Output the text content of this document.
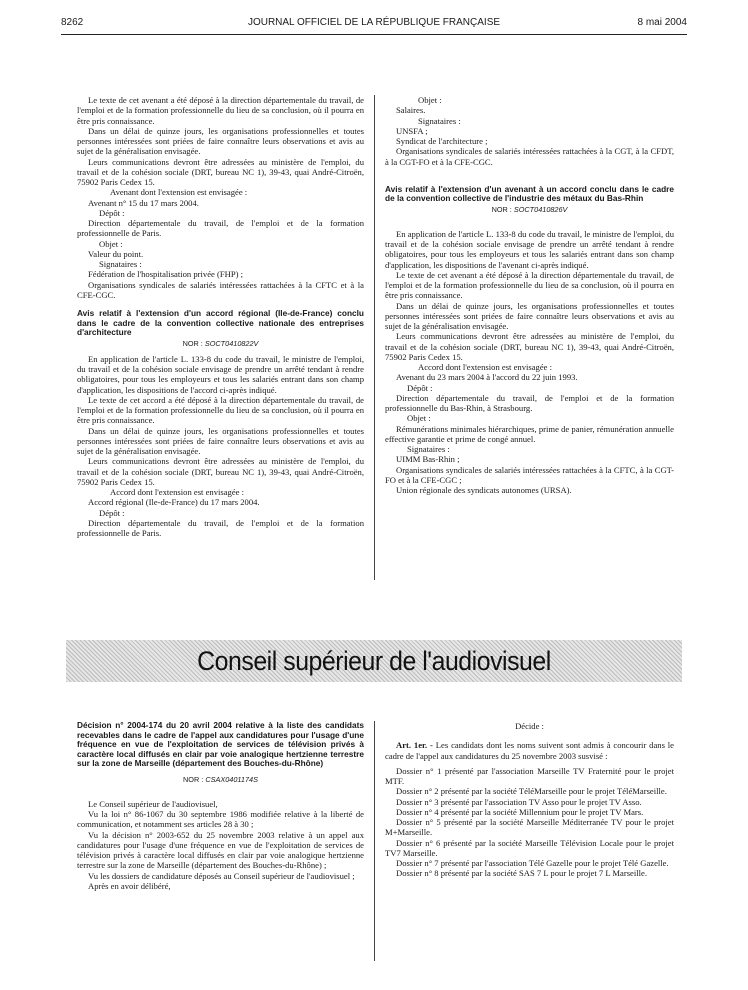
8262	JOURNAL OFFICIEL DE LA RÉPUBLIQUE FRANÇAISE	8 mai 2004

Le texte de cet avenant a été déposé à la direction départementale du travail, de l'emploi et de la formation professionnelle du lieu de sa conclusion, où il pourra en être pris connaissance.

Dans un délai de quinze jours, les organisations professionnelles et toutes personnes intéressées sont priées de faire connaître leurs observations et avis au sujet de la généralisation envisagée.

Leurs communications devront être adressées au ministère de l'emploi, du travail et de la cohésion sociale (DRT, bureau NC 1), 39-43, quai André-Citroën, 75902 Paris Cedex 15.

Avenant dont l'extension est envisagée :

Avenant n° 15 du 17 mars 2004.

Dépôt :

Direction départementale du travail, de l'emploi et de la formation professionnelle de Paris.

Objet :

Valeur du point.

Signataires :

Fédération de l'hospitalisation privée (FHP) ;

Organisations syndicales de salariés intéressées rattachées à la CFTC et à la CFE-CGC.

Avis relatif à l'extension d'un accord régional (Ile-de-France) conclu dans le cadre de la convention collective nationale des entreprises d'architecture
NOR : SOCT0410822V

En application de l'article L. 133-8 du code du travail, le ministre de l'emploi, du travail et de la cohésion sociale envisage de prendre un arrêté tendant à rendre obligatoires, pour tous les employeurs et tous les salariés entrant dans son champ d'application, les dispositions de l'accord ci-après indiqué.

Le texte de cet accord a été déposé à la direction départementale du travail, de l'emploi et de la formation professionnelle du lieu de sa conclusion, où il pourra en être pris connaissance.

Dans un délai de quinze jours, les organisations professionnelles et toutes personnes intéressées sont priées de faire connaître leurs observations et avis au sujet de la généralisation envisagée.

Leurs communications devront être adressées au ministère de l'emploi, du travail et de la cohésion sociale (DRT, bureau NC 1), 39-43, quai André-Citroën, 75902 Paris Cedex 15.

Accord dont l'extension est envisagée :

Accord régional (Ile-de-France) du 17 mars 2004.

Dépôt :

Direction départementale du travail, de l'emploi et de la formation professionnelle de Paris.

Objet :

Salaires.

Signataires :

UNSFA ;

Syndicat de l'architecture ;

Organisations syndicales de salariés intéressées rattachées à la CGT, à la CFDT, à la CGT-FO et à la CFE-CGC.

Avis relatif à l'extension d'un avenant à un accord conclu dans le cadre de la convention collective de l'industrie des métaux du Bas-Rhin
NOR : SOCT0410826V

En application de l'article L. 133-8 du code du travail, le ministre de l'emploi, du travail et de la cohésion sociale envisage de prendre un arrêté tendant à rendre obligatoires, pour tous les employeurs et tous les salariés entrant dans son champ d'application, les dispositions de l'avenant ci-après indiqué.

Le texte de cet avenant a été déposé à la direction départementale du travail, de l'emploi et de la formation professionnelle du lieu de sa conclusion, où il pourra en être pris connaissance.

Dans un délai de quinze jours, les organisations professionnelles et toutes personnes intéressées sont priées de faire connaître leurs observations et avis au sujet de la généralisation envisagée.

Leurs communications devront être adressées au ministère de l'emploi, du travail et de la cohésion sociale (DRT, bureau NC 1), 39-43, quai André-Citroën, 75902 Paris Cedex 15.

Accord dont l'extension est envisagée :

Avenant du 23 mars 2004 à l'accord du 22 juin 1993.

Dépôt :

Direction départementale du travail, de l'emploi et de la formation professionnelle du Bas-Rhin, à Strasbourg.

Objet :

Rémunérations minimales hiérarchiques, prime de panier, rémunération annuelle effective garantie et prime de congé annuel.

Signataires :

UIMM Bas-Rhin ;

Organisations syndicales de salariés intéressées rattachées à la CFTC, à la CGT-FO et à la CFE-CGC ;

Union régionale des syndicats autonomes (URSA).

Conseil supérieur de l'audiovisuel
Décision n° 2004-174 du 20 avril 2004 relative à la liste des candidats recevables dans le cadre de l'appel aux candidatures pour l'usage d'une fréquence en vue de l'exploitation de services de télévision privés à caractère local diffusés en clair par voie analogique hertzienne terrestre sur la zone de Marseille (département des Bouches-du-Rhône)
NOR : CSAX0401174S

Le Conseil supérieur de l'audiovisuel,

Vu la loi n° 86-1067 du 30 septembre 1986 modifiée relative à la liberté de communication, et notamment ses articles 28 à 30 ;

Vu la décision n° 2003-652 du 25 novembre 2003 relative à un appel aux candidatures pour l'usage d'une fréquence en vue de l'exploitation de services de télévision privés à caractère local diffusés en clair par voie analogique hertzienne terrestre sur la zone de Marseille (département des Bouches-du-Rhône) ;

Vu les dossiers de candidature déposés au Conseil supérieur de l'audiovisuel ;

Après en avoir délibéré,

Décide :

Art. 1er. - Les candidats dont les noms suivent sont admis à concourir dans le cadre de l'appel aux candidatures du 25 novembre 2003 susvisé :

Dossier n° 1 présenté par l'association Marseille TV Fraternité pour le projet MTF.

Dossier n° 2 présenté par la société TéléMarseille pour le projet TéléMarseille.

Dossier n° 3 présenté par l'association TV Asso pour le projet TV Asso.

Dossier n° 4 présenté par la société Millennium pour le projet TV Mars.

Dossier n° 5 présenté par la société Marseille Méditerranée TV pour le projet M+Marseille.

Dossier n° 6 présenté par la société Marseille Télévision Locale pour le projet TV7 Marseille.

Dossier n° 7 présenté par l'association Télé Gazelle pour le projet Télé Gazelle.

Dossier n° 8 présenté par la société SAS 7 L pour le projet 7 L Marseille.
